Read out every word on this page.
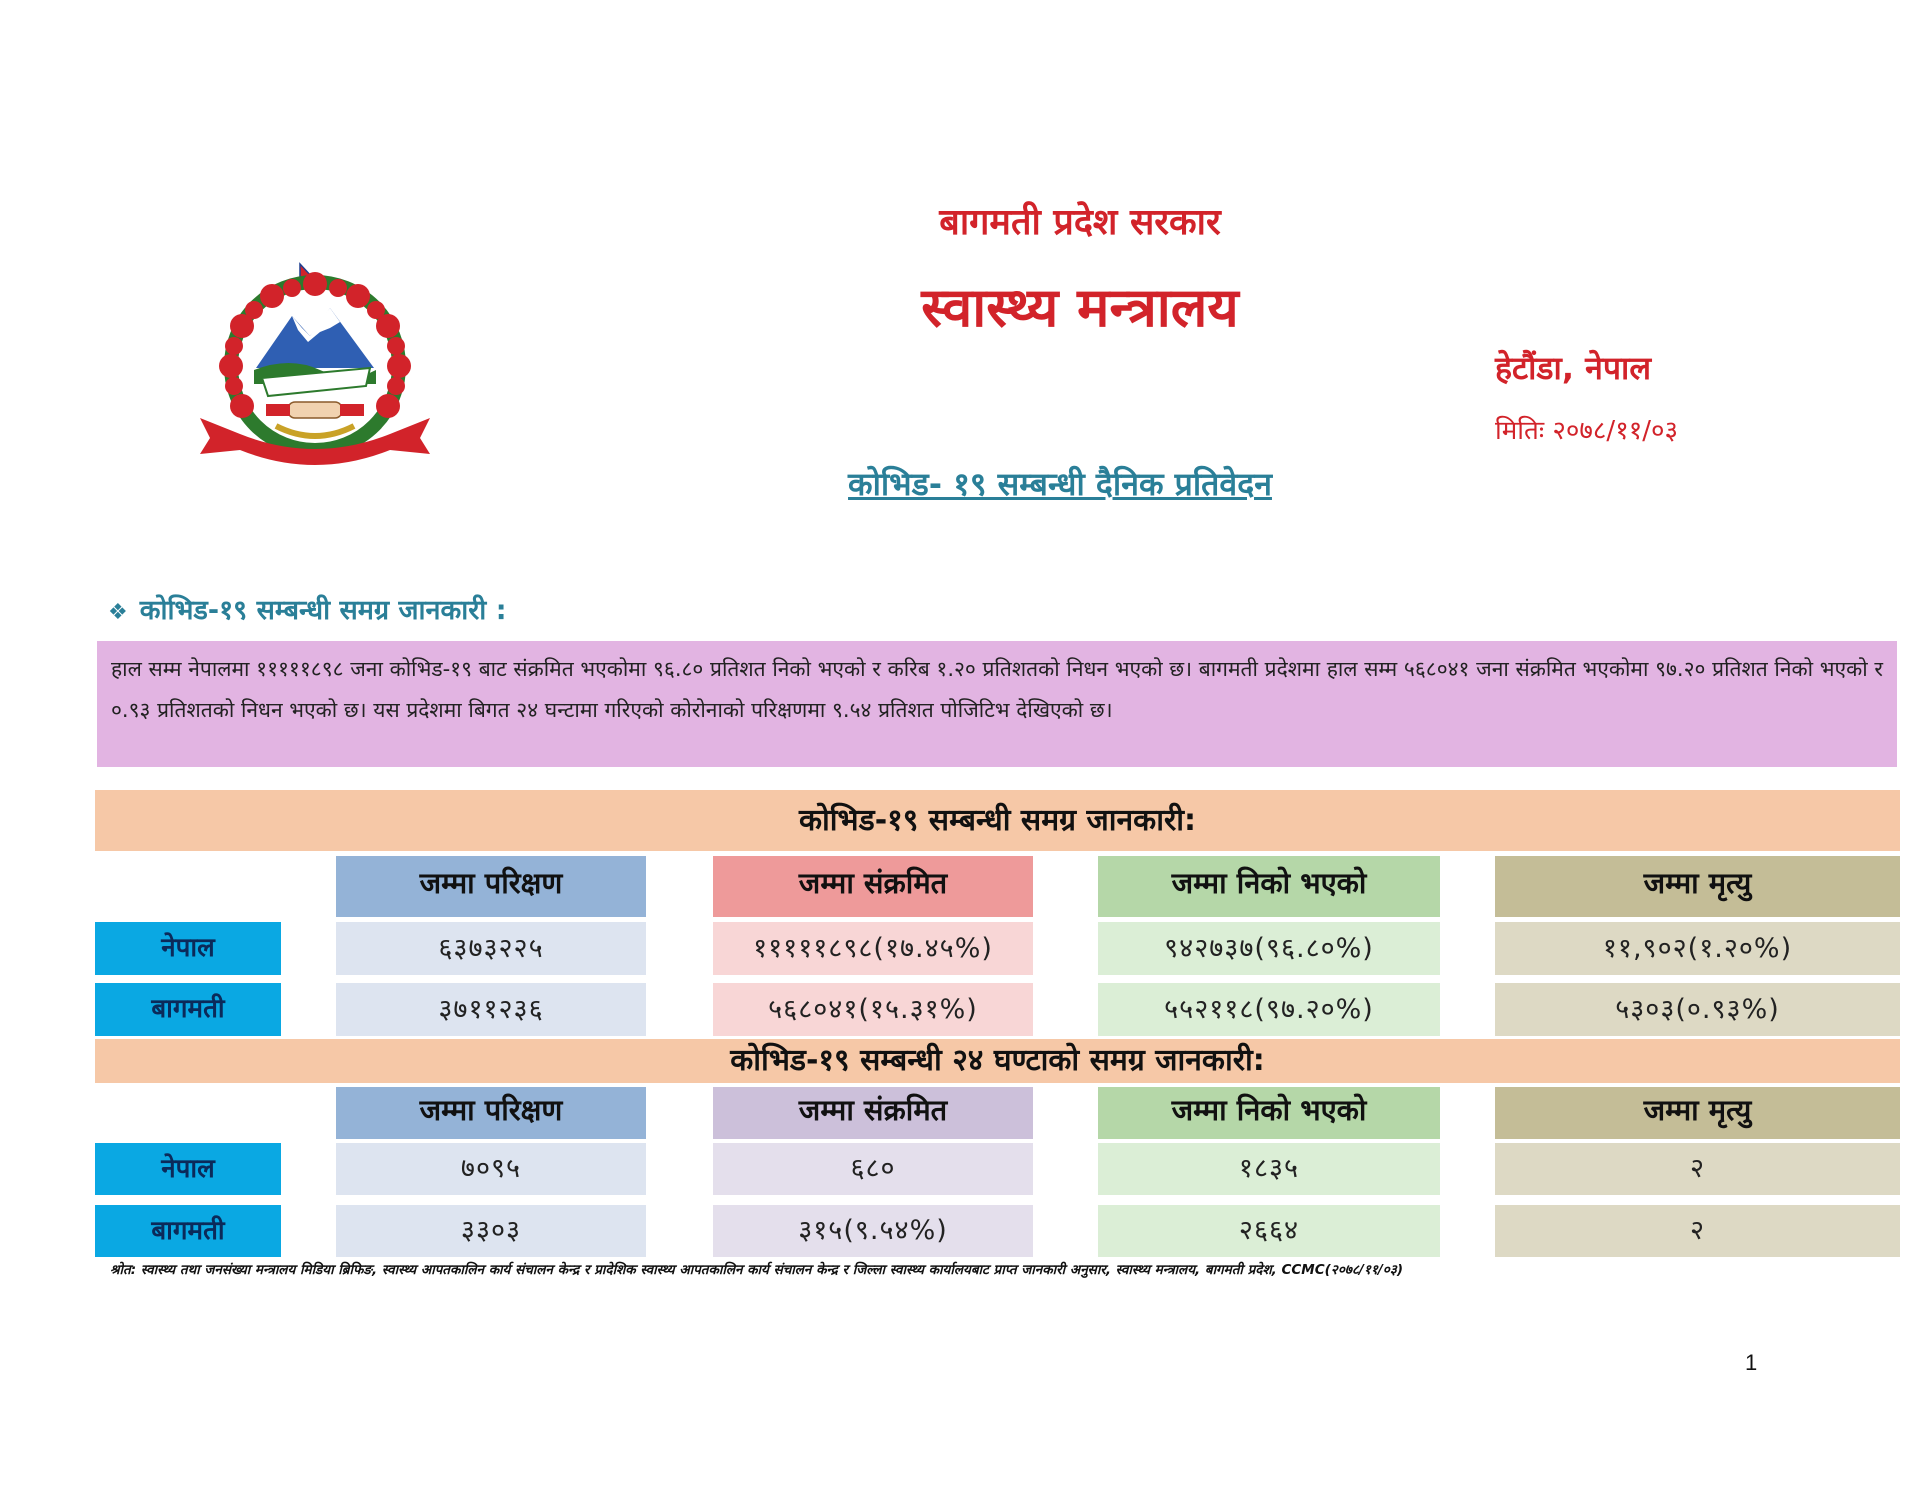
बागमती प्रदेश सरकार
स्वास्थ्य मन्त्रालय
हेटौंडा, नेपाल
मितिः २०७८/११/०३
कोभिड- १९ सम्बन्धी दैनिक प्रतिवेदन
❖ कोभिड-१९ सम्बन्धी समग्र जानकारी :
हाल सम्म नेपालमा १११११८९८ जना कोभिड-१९ बाट संक्रमित भएकोमा ९६.८० प्रतिशत निको भएको र करिब १.२० प्रतिशतको निधन भएको छ। बागमती प्रदेशमा हाल सम्म ५६८०४१ जना संक्रमित भएकोमा ९७.२० प्रतिशत निको भएको र ०.९३ प्रतिशतको निधन भएको छ। यस प्रदेशमा बिगत २४ घन्टामा गरिएको कोरोनाको परिक्षणमा ९.५४ प्रतिशत पोजिटिभ देखिएको छ।
कोभिड-१९ सम्बन्धी समग्र जानकारी:
जम्मा परिक्षण	जम्मा संक्रमित	जम्मा निको भएको	जम्मा मृत्यु
नेपाल	६३७३२२५	१११११८९८(१७.४५%)	९४२७३७(९६.८०%)	११,९०२(१.२०%)
बागमती	३७११२३६	५६८०४१(१५.३१%)	५५२११८(९७.२०%)	५३०३(०.९३%)
कोभिड-१९ सम्बन्धी २४ घण्टाको समग्र जानकारी:
जम्मा परिक्षण	जम्मा संक्रमित	जम्मा निको भएको	जम्मा मृत्यु
नेपाल	७०९५	६८०	१८३५	२
बागमती	३३०३	३१५(९.५४%)	२६६४	२
श्रोत: स्वास्थ्य तथा जनसंख्या मन्त्रालय मिडिया ब्रिफिङ, स्वास्थ्य आपतकालिन कार्य संचालन केन्द्र र प्रादेशिक स्वास्थ्य आपतकालिन कार्य संचालन केन्द्र र जिल्ला स्वास्थ्य कार्यालयबाट प्राप्त जानकारी अनुसार, स्वास्थ्य मन्त्रालय, बागमती प्रदेश, CCMC(२०७८/११/०३)
1
